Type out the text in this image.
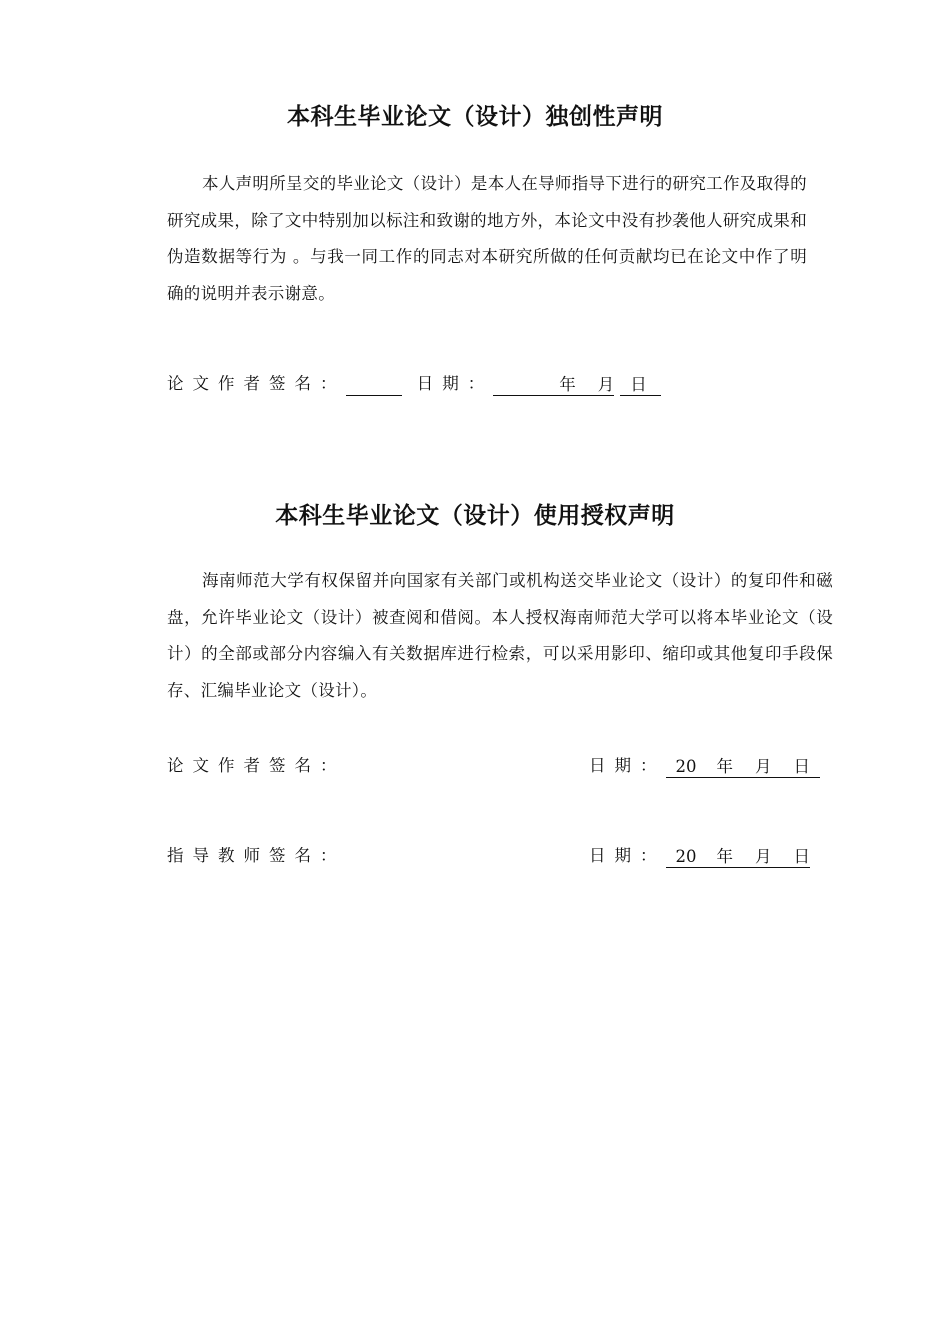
本科生毕业论文（设计）独创性声明

本人声明所呈交的毕业论文（设计）是本人在导师指导下进行的研究工作及取得的研究成果，除了文中特别加以标注和致谢的地方外，本论文中没有抄袭他人研究成果和伪造数据等行为 。与我一同工作的同志对本研究所做的任何贡献均已在论文中作了明确的说明并表示谢意。

论文作者签名：	日期：	年 月 日
本科生毕业论文（设计）使用授权声明

海南师范大学有权保留并向国家有关部门或机构送交毕业论文（设计）的复印件和磁盘，允许毕业论文（设计）被查阅和借阅。本人授权海南师范大学可以将本毕业论文（设计）的全部或部分内容编入有关数据库进行检索，可以采用影印、缩印或其他复印手段保存、汇编毕业论文（设计）。

论文作者签名：	日期： 20 年 月 日
指导教师签名：	日期： 20 年 月 日
